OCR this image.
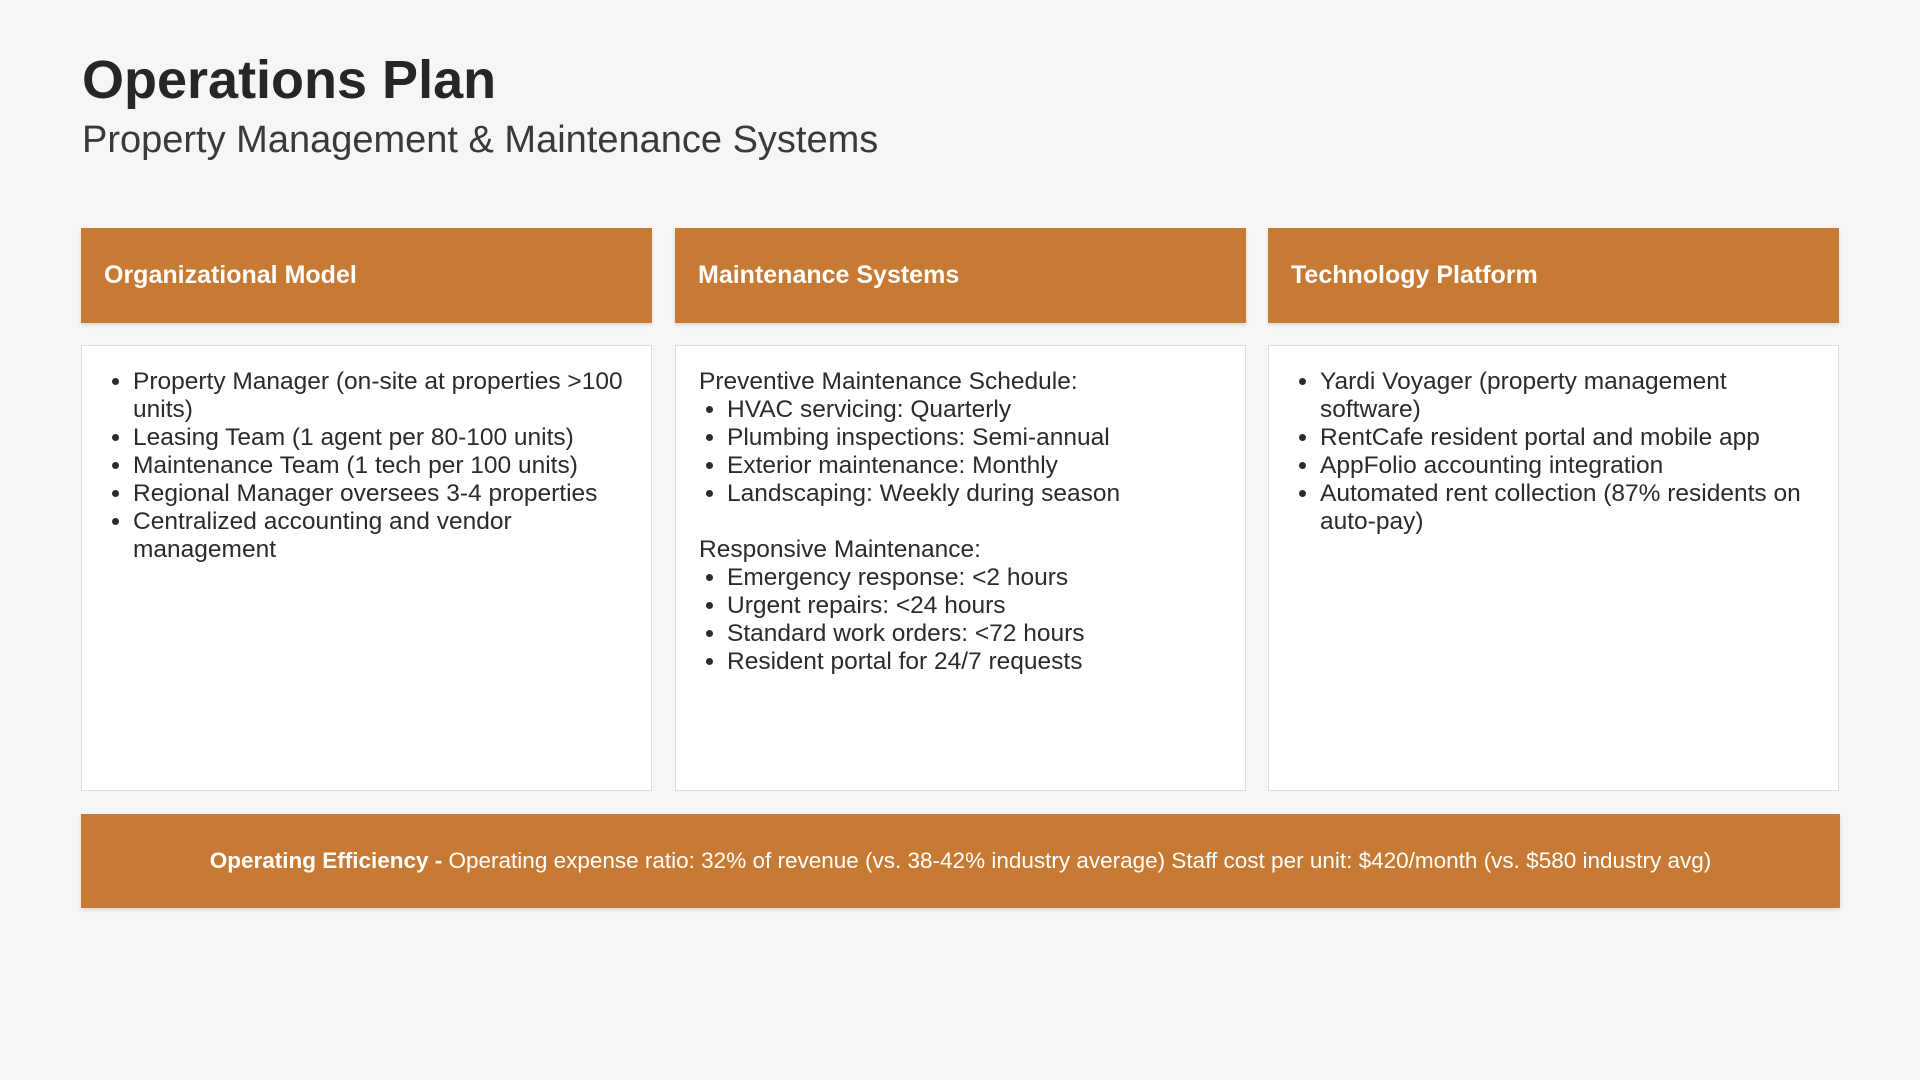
Operations Plan
Property Management & Maintenance Systems
Organizational Model
• Property Manager (on-site at properties >100 units)
• Leasing Team (1 agent per 80-100 units)
• Maintenance Team (1 tech per 100 units)
• Regional Manager oversees 3-4 properties
• Centralized accounting and vendor management
Maintenance Systems

Preventive Maintenance Schedule:

• HVAC servicing: Quarterly
• Plumbing inspections: Semi-annual
• Exterior maintenance: Monthly
• Landscaping: Weekly during season

Responsive Maintenance:

• Emergency response: <2 hours
• Urgent repairs: <24 hours
• Standard work orders: <72 hours
• Resident portal for 24/7 requests
Technology Platform
• Yardi Voyager (property management software)
• RentCafe resident portal and mobile app
• AppFolio accounting integration
• Automated rent collection (87% residents on auto-pay)
Operating Efficiency - Operating expense ratio: 32% of revenue (vs. 38-42% industry average) Staff cost per unit: $420/month (vs. $580 industry avg)
